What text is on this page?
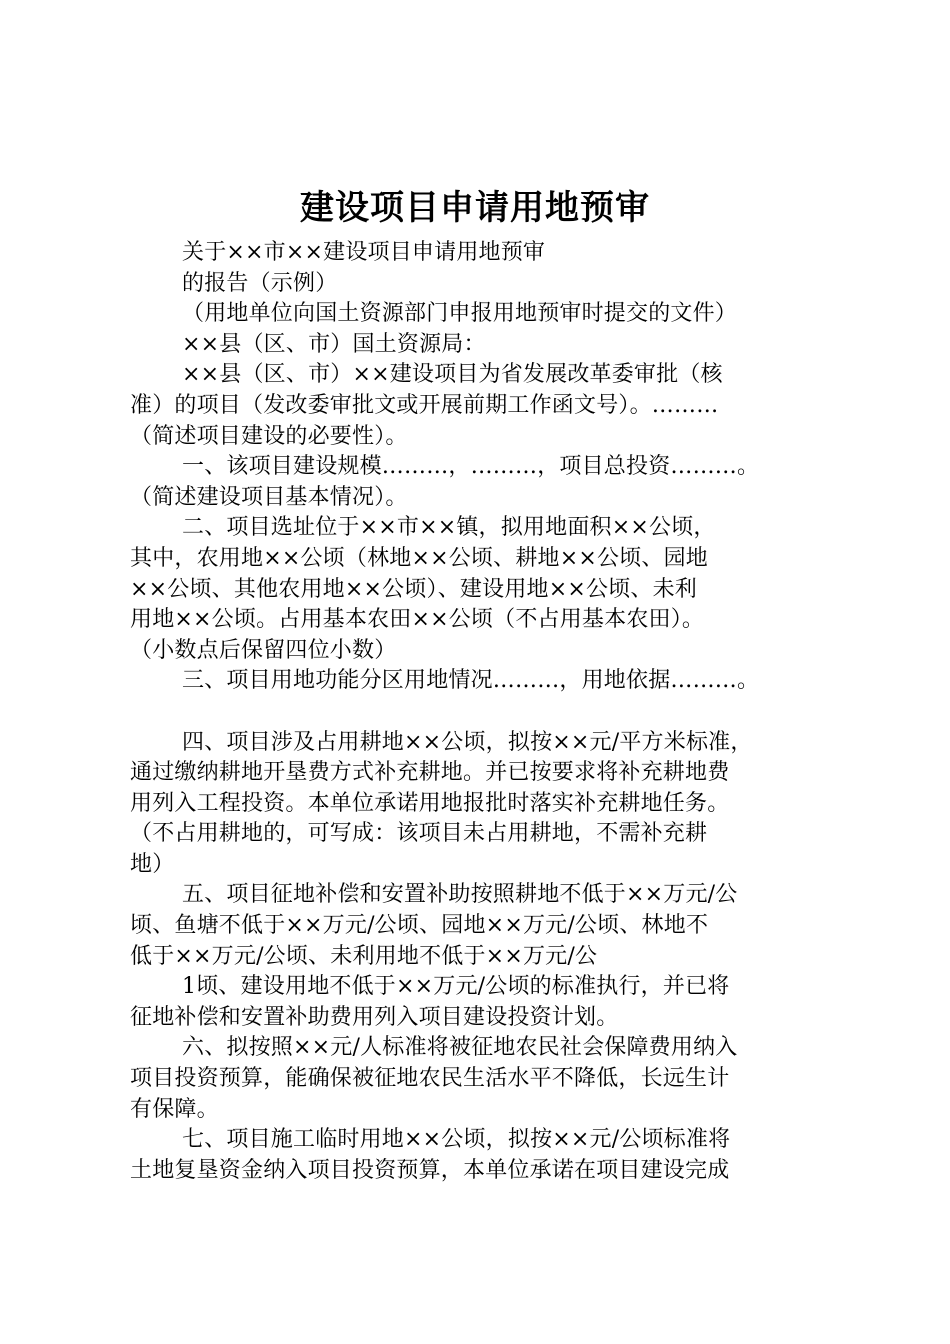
建设项目申请用地预审
关于××市××建设项目申请用地预审
的报告（示例）
（用地单位向国土资源部门申报用地预审时提交的文件）
××县（区、市）国土资源局：
××县（区、市）××建设项目为省发展改革委审批（核
准）的项目（发改委审批文或开展前期工作函文号）。………
（简述项目建设的必要性）。
一、该项目建设规模………，………，项目总投资………。
（简述建设项目基本情况）。
二、项目选址位于××市××镇，拟用地面积××公顷，
其中，农用地××公顷（林地××公顷、耕地××公顷、园地
××公顷、其他农用地××公顷）、建设用地××公顷、未利
用地××公顷。占用基本农田××公顷（不占用基本农田）。
（小数点后保留四位小数）
三、项目用地功能分区用地情况………，用地依据………。
四、项目涉及占用耕地××公顷，拟按××元/平方米标准，
通过缴纳耕地开垦费方式补充耕地。并已按要求将补充耕地费
用列入工程投资。本单位承诺用地报批时落实补充耕地任务。
（不占用耕地的，可写成：该项目未占用耕地，不需补充耕
地）
五、项目征地补偿和安置补助按照耕地不低于××万元/公
顷、鱼塘不低于××万元/公顷、园地××万元/公顷、林地不
低于××万元/公顷、未利用地不低于××万元/公
1顷、建设用地不低于××万元/公顷的标准执行，并已将
征地补偿和安置补助费用列入项目建设投资计划。
六、拟按照××元/人标准将被征地农民社会保障费用纳入
项目投资预算，能确保被征地农民生活水平不降低，长远生计
有保障。
七、项目施工临时用地××公顷，拟按××元/公顷标准将
土地复垦资金纳入项目投资预算，本单位承诺在项目建设完成
